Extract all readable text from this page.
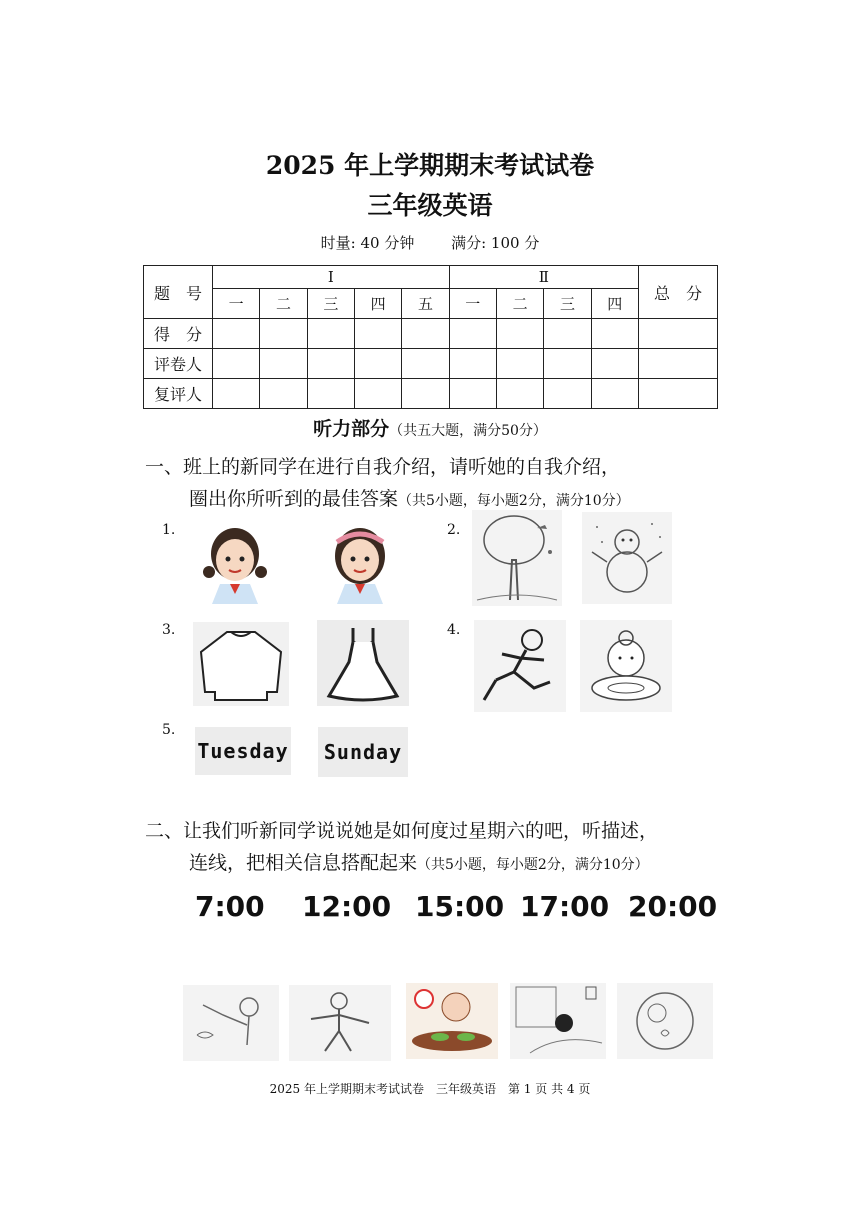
2025 年上学期期末考试试卷
三年级英语
时量: 40 分钟 满分: 100 分
题　号	Ⅰ					Ⅱ				总　分
	一	二	三	四	五	一	二	三	四	
得　分										
评卷人										
复评人										
听力部分（共五大题，满分50分）
一、班上的新同学在进行自我介绍，请听她的自我介绍，
圈出你所听到的最佳答案（共5小题，每小题2分，满分10分）
1.	2.
3.	4.
5.
Tuesday Sunday
二、让我们听新同学说说她是如何度过星期六的吧，听描述，
连线，把相关信息搭配起来（共5小题，每小题2分，满分10分）
7:00 12:00 15:00 17:00 20:00
2025 年上学期期末考试试卷　三年级英语　第 1 页 共 4 页
